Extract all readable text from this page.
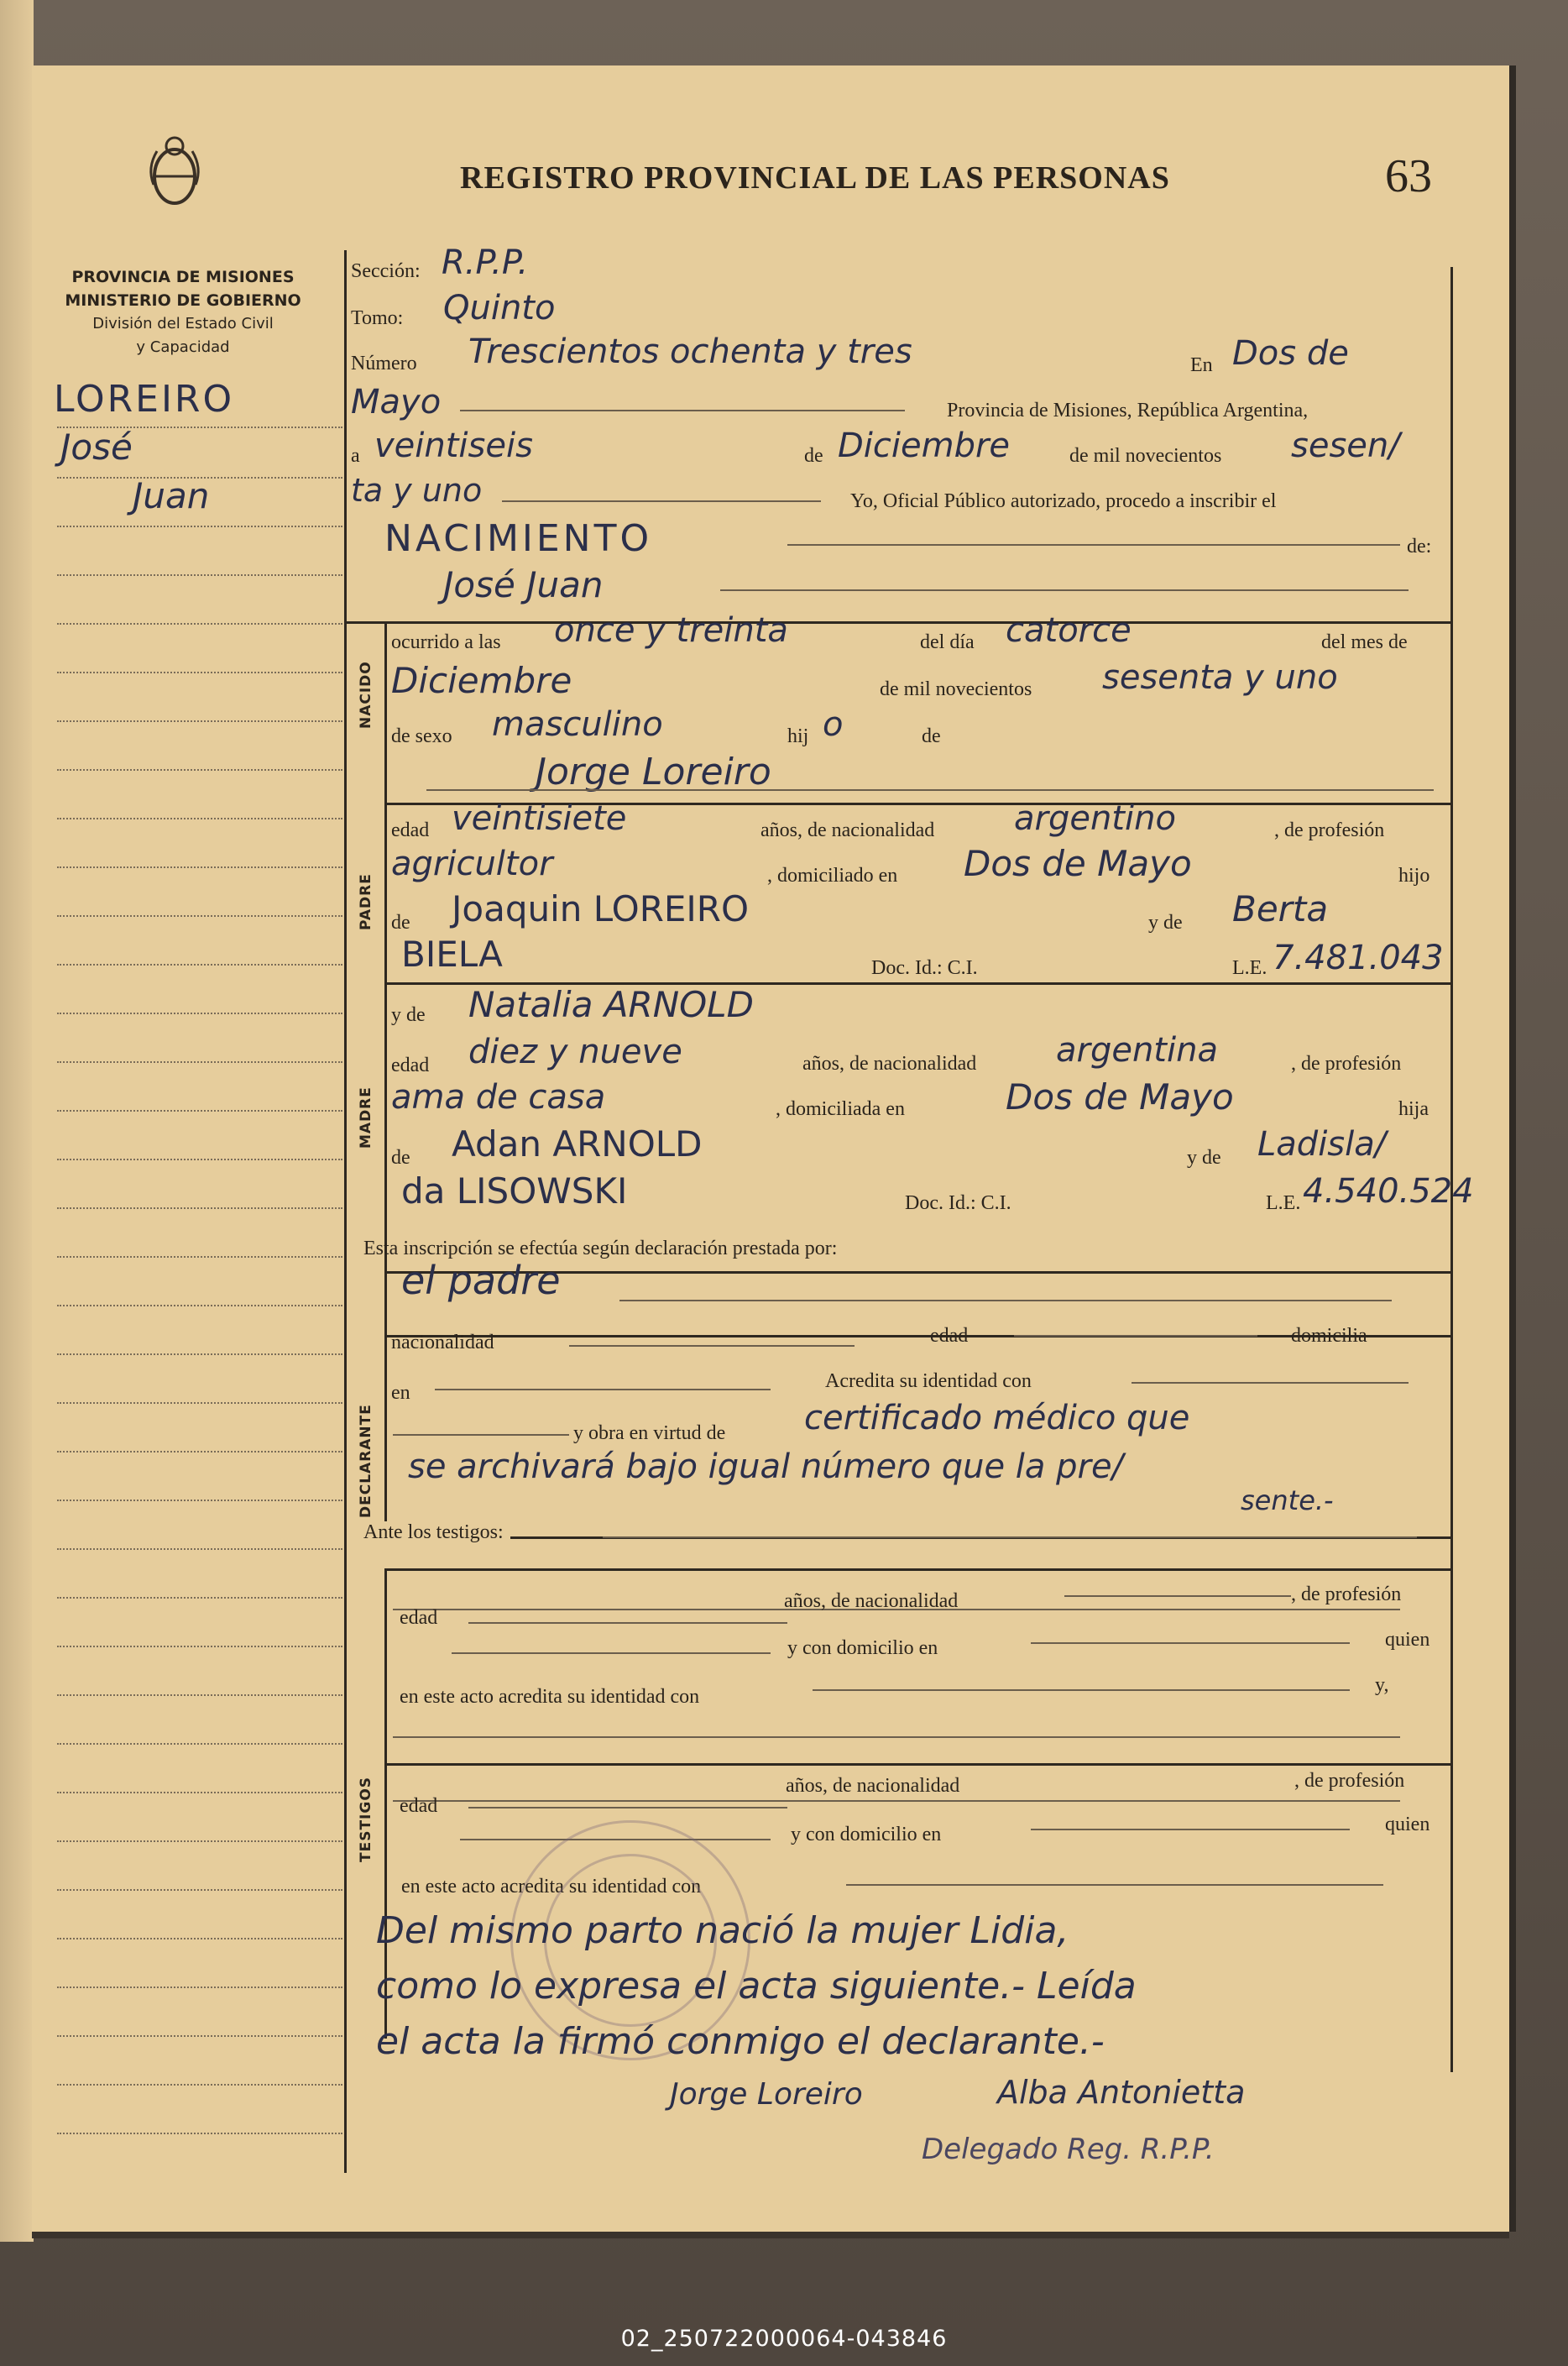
REGISTRO PROVINCIAL DE LAS PERSONAS	63
PROVINCIA DE MISIONES
MINISTERIO DE GOBIERNO
División del Estado Civil
y Capacidad
LOREIRO
José
Juan
Sección: R.P.P.
Tomo: Quinto
Número Trescientos ochenta y tres	En Dos de
Mayo	Provincia de Misiones, República Argentina,
a veintiseis	de Diciembre	de mil novecientos sesen/
ta y uno	Yo, Oficial Público autorizado, procedo a inscribir el
NACIMIENTO	de:
José Juan
NACIDO
ocurrido a las once y treinta	del día catorce	del mes de
Diciembre	de mil novecientos sesenta y uno
de sexo masculino	hij o	de
Jorge Loreiro
PADRE
edad veintisiete	años, de nacionalidad argentino	, de profesión
agricultor	, domiciliado en Dos de Mayo	hijo
de Joaquin LOREIRO	y de Berta
BIELA	Doc. Id.: C.I.	L.E. 7.481.043
MADRE
y de Natalia ARNOLD
edad diez y nueve	años, de nacionalidad argentina	, de profesión
ama de casa	, domiciliada en	Dos de Mayo	hija
de Adan ARNOLD	y de Ladisla/
da LISOWSKI	Doc. Id.: C.I.	L.E. 4.540.524
Esta inscripción se efectúa según declaración prestada por:
el padre
DECLARANTE
nacionalidad	edad	domicilia
en
Acredita su identidad con
y obra en virtud de certificado médico que
se archivará bajo igual número que la pre/
sente.-
Ante los testigos:
TESTIGOS
edad
años, de nacionalidad	, de profesión
y con domicilio en	quien
en este acto acredita su identidad con
y,
edad
años, de nacionalidad	, de profesión
y con domicilio en	quien
en este acto acredita su identidad con
Del mismo parto nació la mujer Lidia,
como lo expresa el acta siguiente.- Leída
el acta la firmó conmigo el declarante.-
Jorge Loreiro	Alba Antonietta
Delegado Reg. R.P.P.
02_250722000064-043846
